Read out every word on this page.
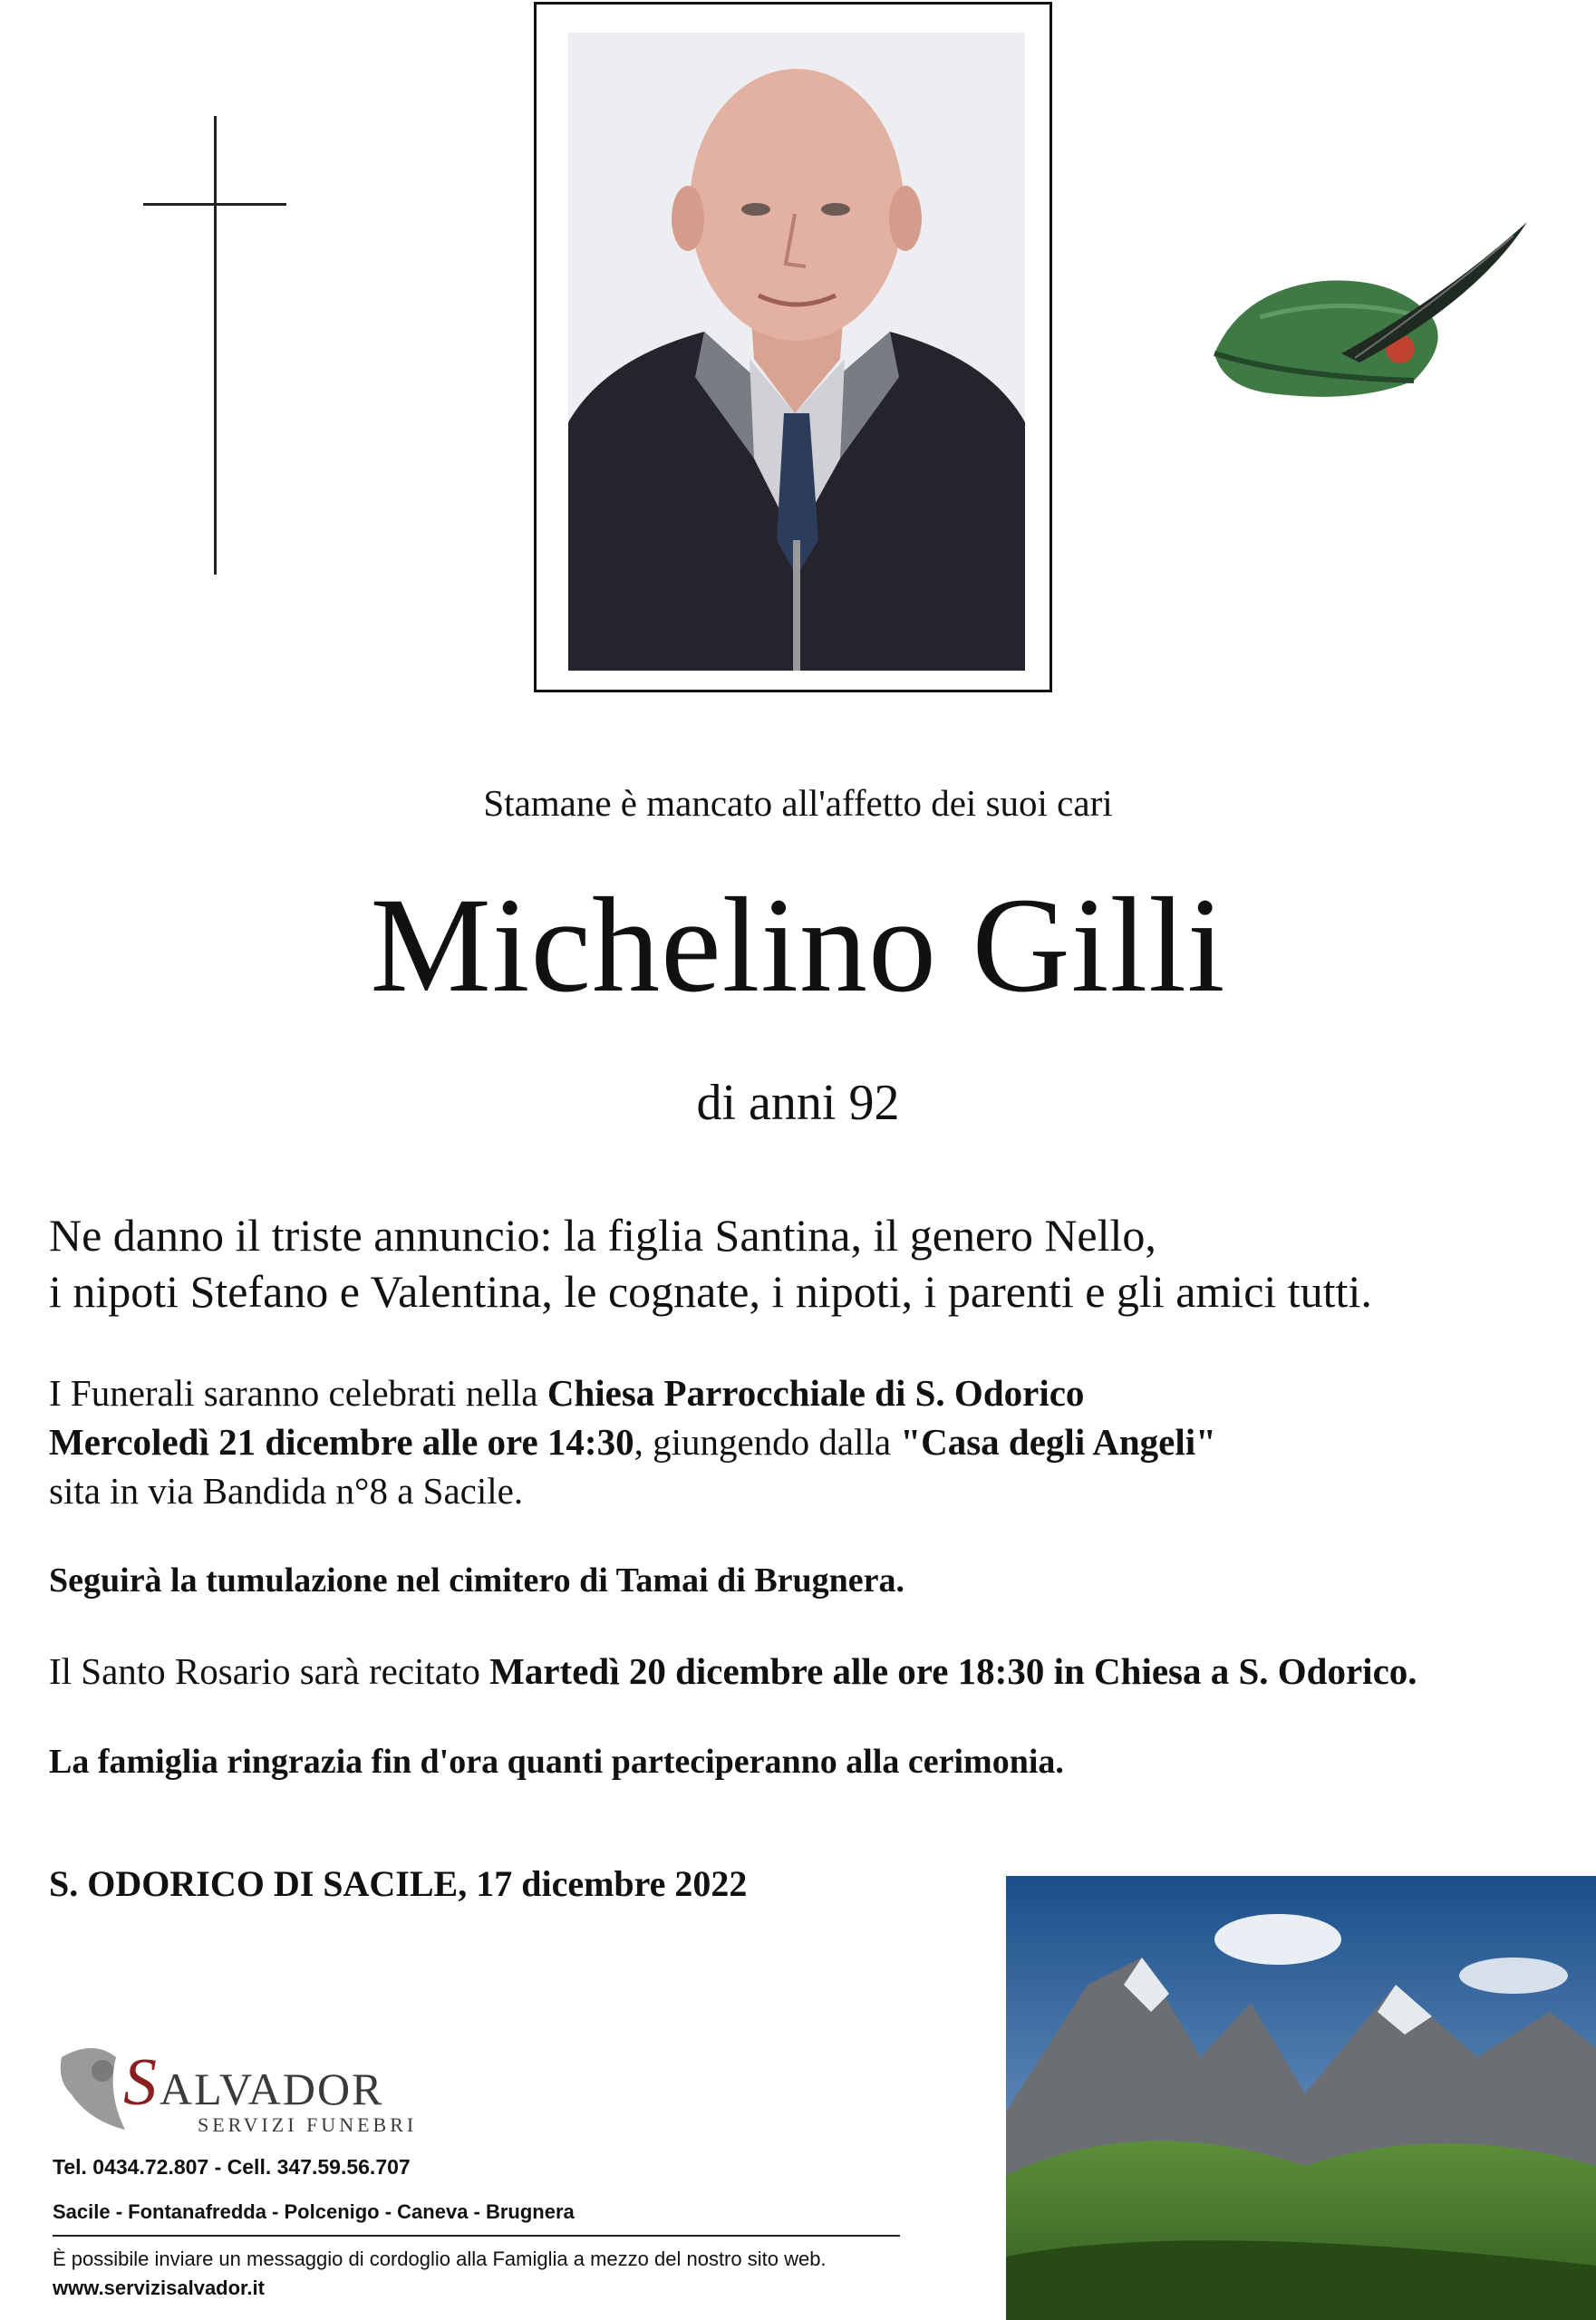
Stamane è mancato all'affetto dei suoi cari
Michelino Gilli
di anni 92
Ne danno il triste annuncio: la figlia Santina, il genero Nello,
i nipoti Stefano e Valentina, le cognate, i nipoti, i parenti e gli amici tutti.
I Funerali saranno celebrati nella Chiesa Parrocchiale di S. Odorico
Mercoledì 21 dicembre alle ore 14:30, giungendo dalla "Casa degli Angeli"
sita in via Bandida n°8 a Sacile.
Seguirà la tumulazione nel cimitero di Tamai di Brugnera.
Il Santo Rosario sarà recitato Martedì 20 dicembre alle ore 18:30 in Chiesa a S. Odorico.
La famiglia ringrazia fin d'ora quanti parteciperanno alla cerimonia.
S. ODORICO DI SACILE, 17 dicembre 2022
S ALVADOR
SERVIZI FUNEBRI
Tel. 0434.72.807 - Cell. 347.59.56.707
Sacile - Fontanafredda - Polcenigo - Caneva - Brugnera
È possibile inviare un messaggio di cordoglio alla Famiglia a mezzo del nostro sito web.
www.servizisalvador.it
